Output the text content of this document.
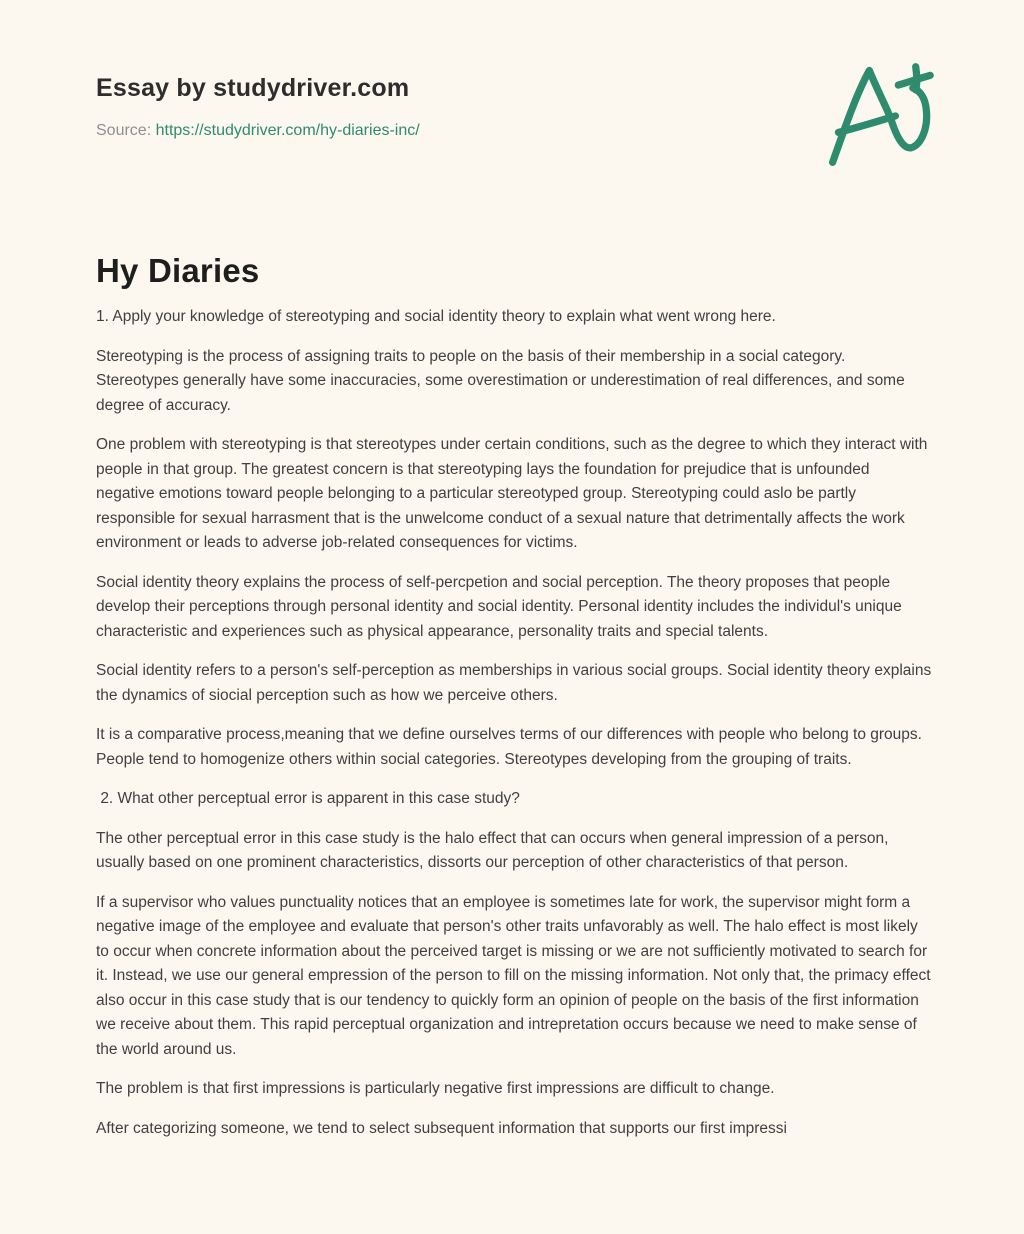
Essay by studydriver.com
Source: https://studydriver.com/hy-diaries-inc/
Hy Diaries

1. Apply your knowledge of stereotyping and social identity theory to explain what went wrong here.

Stereotyping is the process of assigning traits to people on the basis of their membership in a social category. Stereotypes generally have some inaccuracies, some overestimation or underestimation of real differences, and some degree of accuracy.

One problem with stereotyping is that stereotypes under certain conditions, such as the degree to which they interact with people in that group. The greatest concern is that stereotyping lays the foundation for prejudice that is unfounded negative emotions toward people belonging to a particular stereotyped group. Stereotyping could aslo be partly responsible for sexual harrasment that is the unwelcome conduct of a sexual nature that detrimentally affects the work environment or leads to adverse job-related consequences for victims.

Social identity theory explains the process of self-percpetion and social perception. The theory proposes that people develop their perceptions through personal identity and social identity. Personal identity includes the individul's unique characteristic and experiences such as physical appearance, personality traits and special talents.

Social identity refers to a person's self-perception as memberships in various social groups. Social identity theory explains the dynamics of siocial perception such as how we perceive others.

It is a comparative process,meaning that we define ourselves terms of our differences with people who belong to groups. People tend to homogenize others within social categories. Stereotypes developing from the grouping of traits.

2. What other perceptual error is apparent in this case study?

The other perceptual error in this case study is the halo effect that can occurs when general impression of a person, usually based on one prominent characteristics, dissorts our perception of other characteristics of that person.

If a supervisor who values punctuality notices that an employee is sometimes late for work, the supervisor might form a negative image of the employee and evaluate that person's other traits unfavorably as well. The halo effect is most likely to occur when concrete information about the perceived target is missing or we are not sufficiently motivated to search for it. Instead, we use our general empression of the person to fill on the missing information. Not only that, the primacy effect also occur in this case study that is our tendency to quickly form an opinion of people on the basis of the first information we receive about them. This rapid perceptual organization and intrepretation occurs because we need to make sense of the world around us.

The problem is that first impressions is particularly negative first impressions are difficult to change.

After categorizing someone, we tend to select subsequent information that supports our first impressi
